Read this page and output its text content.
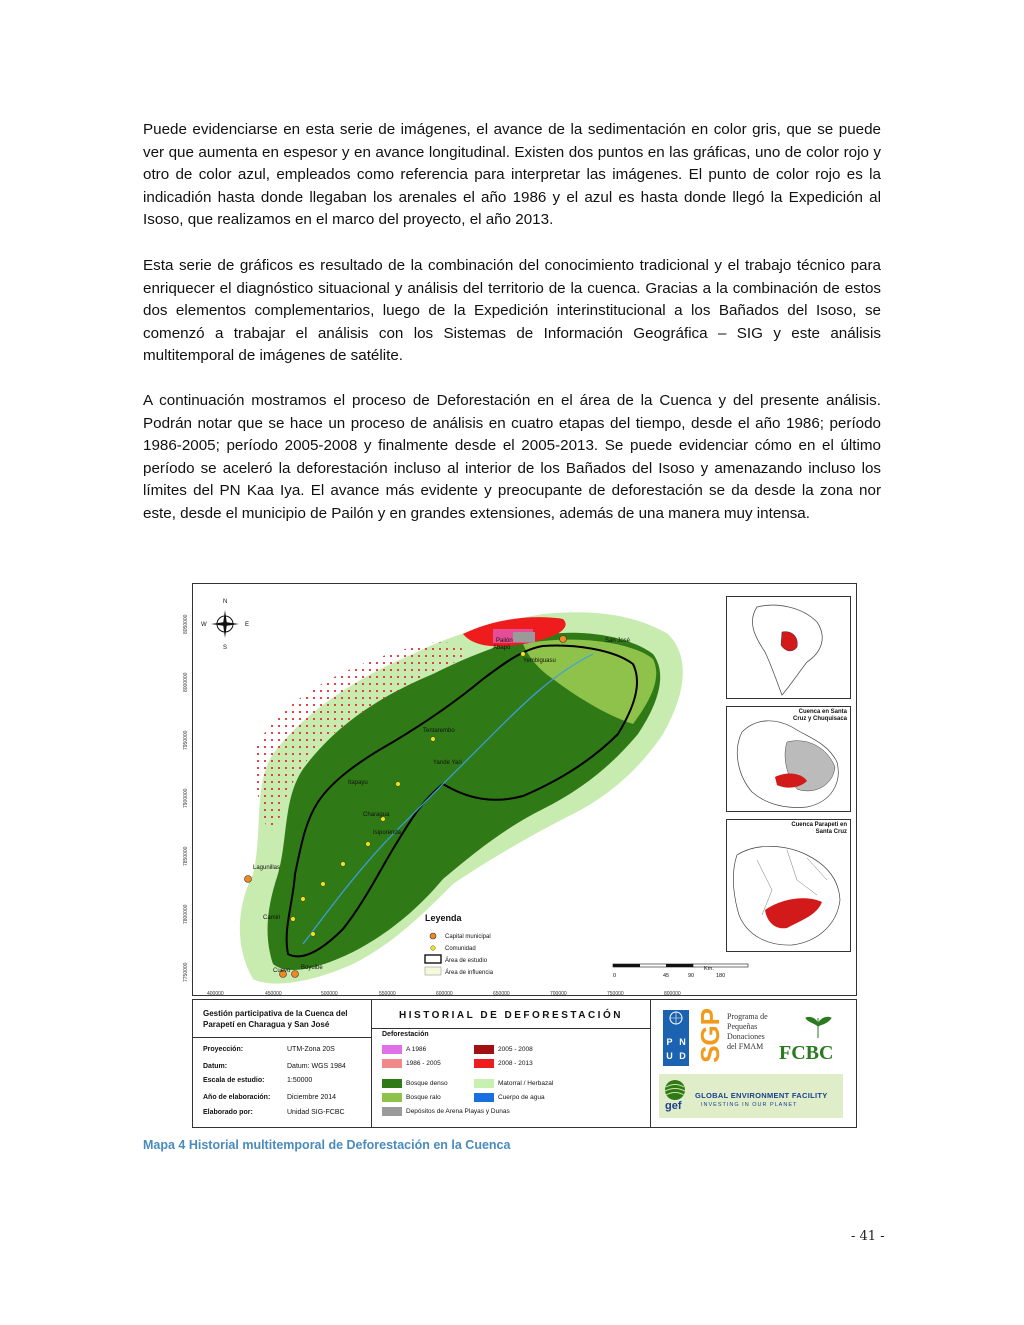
Puede evidenciarse en esta serie de imágenes, el avance de la sedimentación en color gris, que se puede ver que aumenta en espesor y en avance longitudinal. Existen dos puntos en las gráficas, uno de color rojo y otro de color azul, empleados como referencia para interpretar las imágenes. El punto de color rojo es la indicadión hasta donde llegaban los arenales el año 1986 y el azul es hasta donde llegó la Expedición al Isoso, que realizamos en el marco del proyecto, el año 2013.

Esta serie de gráficos es resultado de la combinación del conocimiento tradicional y el trabajo técnico para enriquecer el diagnóstico situacional y análisis del territorio de la cuenca. Gracias a la combinación de estos dos elementos complementarios, luego de la Expedición interinstitucional a los Bañados del Isoso, se comenzó a trabajar el análisis con los Sistemas de Información Geográfica – SIG y este análisis multitemporal de imágenes de satélite.

A continuación mostramos el proceso de Deforestación en el área de la Cuenca y del presente análisis. Podrán notar que se hace un proceso de análisis en cuatro etapas del tiempo, desde el año 1986; período 1986-2005; período 2005-2008 y finalmente desde el 2005-2013. Se puede evidenciar cómo en el último período se aceleró la deforestación incluso al interior de los Bañados del Isoso y amenazando incluso los límites del PN Kaa Iya. El avance más evidente y preocupante de deforestación se da desde la zona nor este, desde el municipio de Pailón y en grandes extensiones, además de una manera muy intensa.

Pailón	San José
Yembiguasu
Tentarembo
Yande Yari
Itapayu
Charagua
Cuevo
Lagunillas
Camiri
Boyuibe
Abapó
Isiporenda
N
S
E
W
8050000
8000000
7950000
7900000
7850000
7800000
7750000
Leyenda
Capital municipal
Comunidad
Área de estudio
Área de influencia	0	45	90	180
Km.
400000	450000	500000	550000	600000	650000	700000	750000	800000
Cuenca en Santa Cruz y Chuquisaca
Cuenca Parapeti en Santa Cruz
Gestión participativa de la Cuenca del Parapetí en Charagua y San José
Proyección:	UTM-Zona 20S
Datum:	Datum: WGS 1984
Escala de estudio:	1:50000
Año de elaboración: Diciembre 2014
Elaborado por:	Unidad SIG-FCBC
HISTORIAL DE DEFORESTACIÓN
Deforestación
A 1986	2005 - 2008
1986 - 2005	2008 - 2013
Bosque denso	Matorral / Herbazal
Bosque ralo	Cuerpo de agua
Depósitos de Arena Playas y Dunas
P N
U D SGP Programa de Pequeñas Donaciones del FMAM FCBC
gef
GLOBAL ENVIRONMENT FACILITY
INVESTING IN OUR PLANET
Mapa 4 Historial multitemporal de Deforestación en la Cuenca
- 41 -
